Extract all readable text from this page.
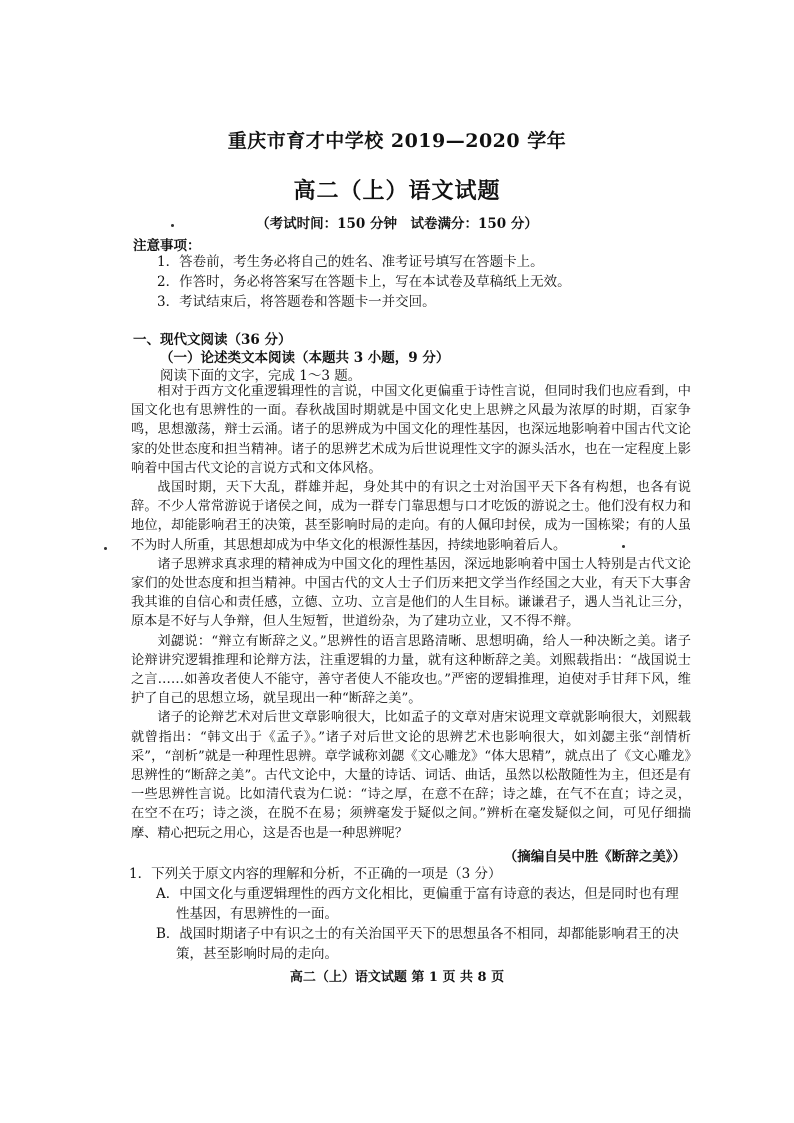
重庆市育才中学校 2019—2020 学年
高二（上）语文试题
（考试时间：150 分钟　试卷满分：150 分）
注意事项：
1．答卷前，考生务必将自己的姓名、准考证号填写在答题卡上。
2．作答时，务必将答案写在答题卡上，写在本试卷及草稿纸上无效。
3．考试结束后，将答题卷和答题卡一并交回。
一、现代文阅读（36 分）
（一）论述类文本阅读（本题共 3 小题，9 分）
阅读下面的文字，完成 1～3 题。

相对于西方文化重逻辑理性的言说，中国文化更偏重于诗性言说，但同时我们也应看到，中国文化也有思辨性的一面。春秋战国时期就是中国文化史上思辨之风最为浓厚的时期，百家争鸣，思想激荡，辩士云涌。诸子的思辨成为中国文化的理性基因，也深远地影响着中国古代文论家的处世态度和担当精神。诸子的思辨艺术成为后世说理性文字的源头活水，也在一定程度上影响着中国古代文论的言说方式和文体风格。

战国时期，天下大乱，群雄并起，身处其中的有识之士对治国平天下各有构想，也各有说辞。不少人常常游说于诸侯之间，成为一群专门靠思想与口才吃饭的游说之士。他们没有权力和地位，却能影响君王的决策，甚至影响时局的走向。有的人佩印封侯，成为一国栋梁；有的人虽不为时人所重，其思想却成为中华文化的根源性基因，持续地影响着后人。

诸子思辨求真求理的精神成为中国文化的理性基因，深远地影响着中国士人特别是古代文论家们的处世态度和担当精神。中国古代的文人士子们历来把文学当作经国之大业，有天下大事舍我其谁的自信心和责任感，立德、立功、立言是他们的人生目标。谦谦君子，遇人当礼让三分，原本是不好与人争辩，但人生短暂，世道纷杂，为了建功立业，又不得不辩。

刘勰说：“辩立有断辞之义。”思辨性的语言思路清晰、思想明确，给人一种决断之美。诸子论辩讲究逻辑推理和论辩方法，注重逻辑的力量，就有这种断辞之美。刘熙载指出：“战国说士之言……如善攻者使人不能守，善守者使人不能攻也。”严密的逻辑推理，迫使对手甘拜下风，维护了自己的思想立场，就呈现出一种“断辞之美”。

诸子的论辩艺术对后世文章影响很大，比如孟子的文章对唐宋说理文章就影响很大，刘熙载就曾指出：“韩文出于《孟子》。”诸子对后世文论的思辨艺术也影响很大，如刘勰主张“剖情析采”，“剖析”就是一种理性思辨。章学诚称刘勰《文心雕龙》“体大思精”，就点出了《文心雕龙》思辨性的“断辞之美”。古代文论中，大量的诗话、词话、曲话，虽然以松散随性为主，但还是有一些思辨性言说。比如清代袁为仁说：“诗之厚，在意不在辞；诗之雄，在气不在直；诗之灵，在空不在巧；诗之淡，在脱不在易；须辨毫发于疑似之间。”辨析在毫发疑似之间，可见仔细揣摩、精心把玩之用心，这是否也是一种思辨呢？

（摘编自吴中胜《断辞之美》）
1．下列关于原文内容的理解和分析，不正确的一项是（3 分）
A．中国文化与重逻辑理性的西方文化相比，更偏重于富有诗意的表达，但是同时也有理性基因，有思辨性的一面。
B．战国时期诸子中有识之士的有关治国平天下的思想虽各不相同，却都能影响君王的决策，甚至影响时局的走向。
高二（上）语文试题 第 1 页 共 8 页
